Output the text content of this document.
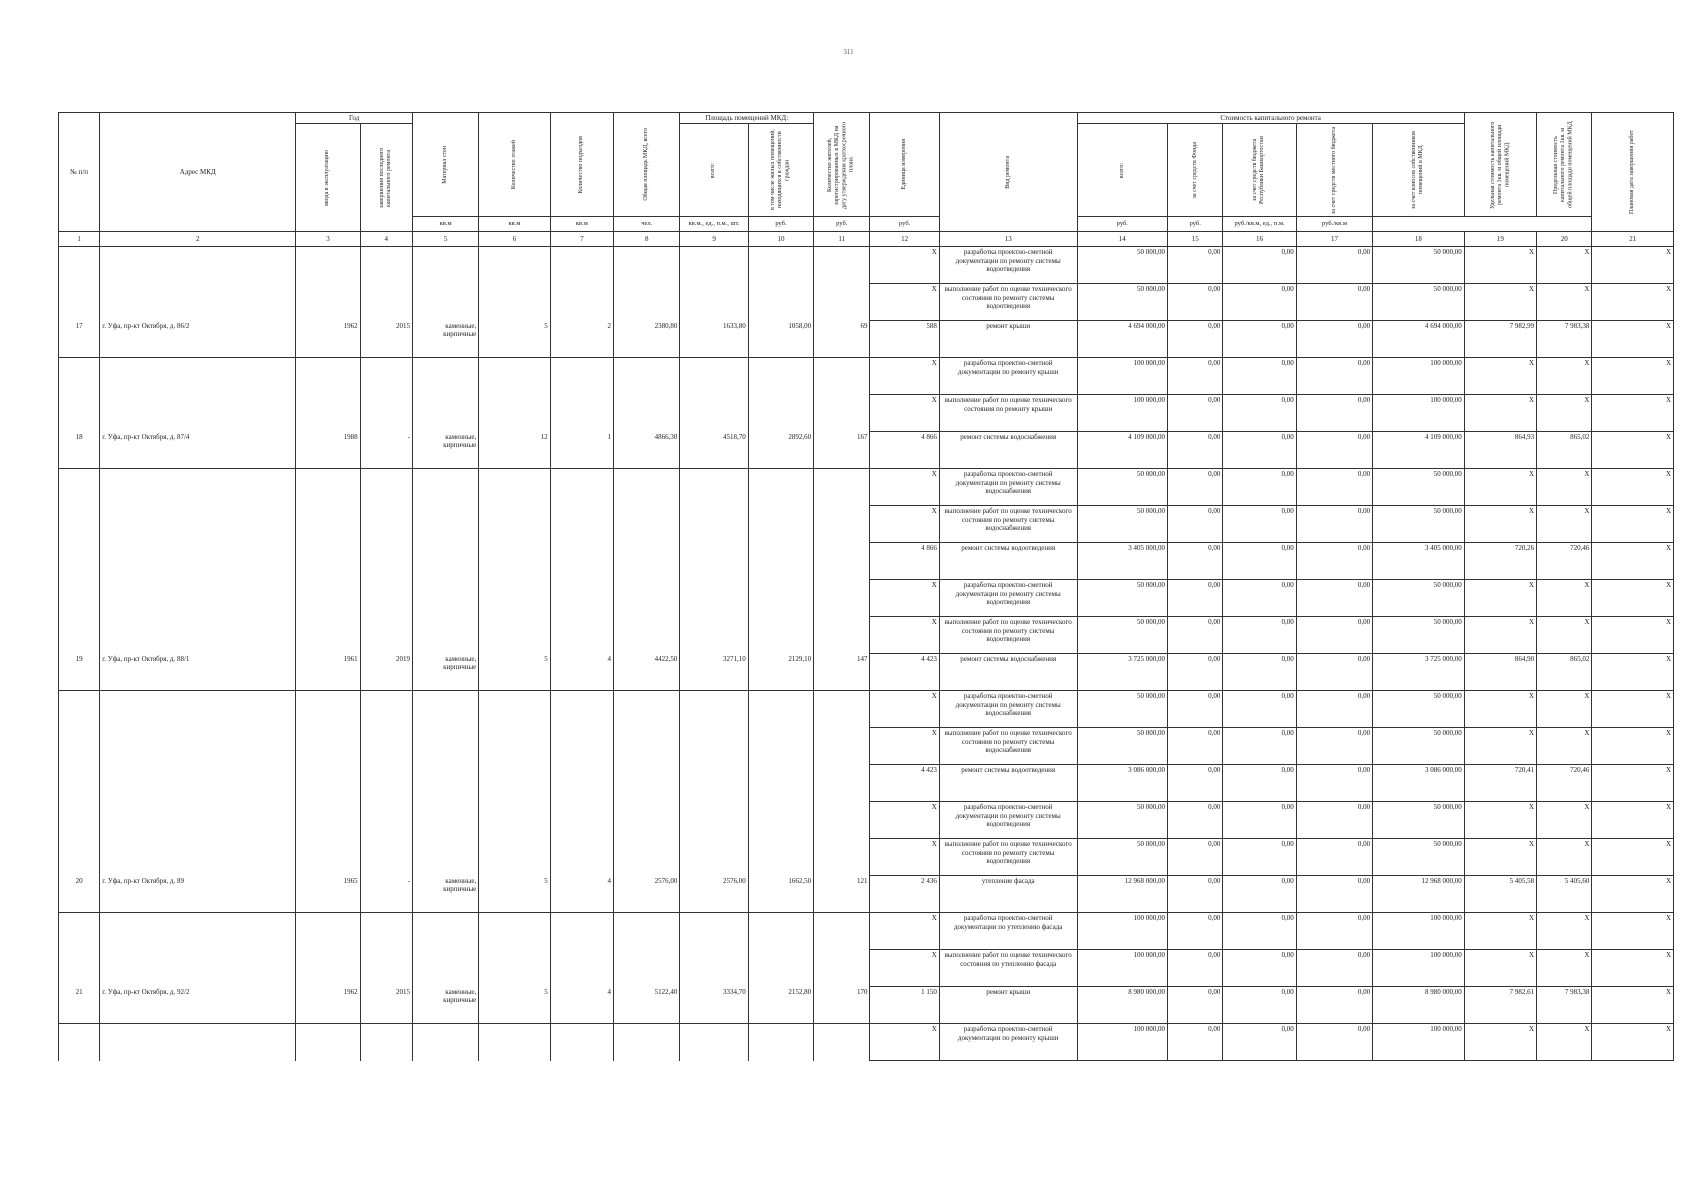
311
№ п/п	Адрес МКД	Год		Материал стен	Количество этажей	Количество подъездов	Общая площадь МКД, всего	Площадь помещений МКД:		Количество жителей, зарегистрированных в МКД на дату утверждения краткосрочного плана	Единица измерения	Вид ремонта	Стоимость капитального ремонта					Удельная стоимость капитального ремонта 1кв. м общей площади помещений МКД	Предельная стоимость капитального ремонта 1кв. м общей площади помещений МКД	Плановая дата завершения работ

		ввода в эксплуатацию	завершения последнего капитального ремонта					всего:	в том числе жилых помещений, находящихся в собственности граждан				всего:	за счет средств Фонда	за счет средств бюджета Республики Башкортостан	за счет средств местного бюджета	за счет взносов собственников помещений в МКД			

				кв.м	кв.м	кв.м	чел.	кв.м., ед., п.м., шт.	руб.	руб.	руб.		руб.	руб.	руб./кв.м, ед., п.м.	руб./кв.м				
1	2	3	4	5	6	7	8	9	10	11	12	13	14	15	16	17	18	19	20	21
											X	разработка проектно-сметной документации по ремонту системы водоотведения	50 000,00	0,00	0,00	0,00	50 000,00	X	X	X
											X	выполнение работ по оценке технического состояния по ремонту системы водоотведения	50 000,00	0,00	0,00	0,00	50 000,00	X	X	X
17	г. Уфа, пр-кт Октября, д. 86/2	1962	2015	каменные, кирпичные	5	2	2380,80	1633,80	1058,00	69	588	ремонт крыши	4 694 000,00	0,00	0,00	0,00	4 694 000,00	7 982,99	7 983,38	X
											X	разработка проектно-сметной документации по ремонту крыши	100 000,00	0,00	0,00	0,00	100 000,00	X	X	X
											X	выполнение работ по оценке технического состояния по ремонту крыши	100 000,00	0,00	0,00	0,00	100 000,00	X	X	X
18	г. Уфа, пр-кт Октября, д. 87/4	1988	-	каменные, кирпичные	12	1	4866,30	4518,70	2892,60	167	4 866	ремонт системы водоснабжения	4 109 000,00	0,00	0,00	0,00	4 109 000,00	864,93	865,02	X
											X	разработка проектно-сметной документации по ремонту системы водоснабжения	50 000,00	0,00	0,00	0,00	50 000,00	X	X	X
											X	выполнение работ по оценке технического состояния по ремонту системы водоснабжения	50 000,00	0,00	0,00	0,00	50 000,00	X	X	X
											4 866	ремонт системы водоотведения	3 405 000,00	0,00	0,00	0,00	3 405 000,00	720,26	720,46	X
											X	разработка проектно-сметной документации по ремонту системы водоотведения	50 000,00	0,00	0,00	0,00	50 000,00	X	X	X
											X	выполнение работ по оценке технического состояния по ремонту системы водоотведения	50 000,00	0,00	0,00	0,00	50 000,00	X	X	X
19	г. Уфа, пр-кт Октября, д. 88/1	1961	2019	каменные, кирпичные	5	4	4422,50	3271,10	2129,10	147	4 423	ремонт системы водоснабжения	3 725 000,00	0,00	0,00	0,00	3 725 000,00	864,90	865,02	X
											X	разработка проектно-сметной документации по ремонту системы водоснабжения	50 000,00	0,00	0,00	0,00	50 000,00	X	X	X
											X	выполнение работ по оценке технического состояния по ремонту системы водоснабжения	50 000,00	0,00	0,00	0,00	50 000,00	X	X	X
											4 423	ремонт системы водоотведения	3 086 000,00	0,00	0,00	0,00	3 086 000,00	720,41	720,46	X
											X	разработка проектно-сметной документации по ремонту системы водоотведения	50 000,00	0,00	0,00	0,00	50 000,00	X	X	X
											X	выполнение работ по оценке технического состояния по ремонту системы водоотведения	50 000,00	0,00	0,00	0,00	50 000,00	X	X	X
20	г. Уфа, пр-кт Октября, д. 89	1965	-	каменные, кирпичные	5	4	2576,00	2576,00	1662,50	121	2 436	утепление фасада	12 968 000,00	0,00	0,00	0,00	12 968 000,00	5 405,58	5 405,60	X
											X	разработка проектно-сметной документации по утеплению фасада	100 000,00	0,00	0,00	0,00	100 000,00	X	X	X
											X	выполнение работ по оценке технического состояния по утеплению фасада	100 000,00	0,00	0,00	0,00	100 000,00	X	X	X
21	г. Уфа, пр-кт Октября, д. 92/2	1962	2015	каменные, кирпичные	5	4	5122,40	3334,70	2152,80	170	1 150	ремонт крыши	8 980 000,00	0,00	0,00	0,00	8 980 000,00	7 982,61	7 983,38	X
											X	разработка проектно-сметной документации по ремонту крыши	100 000,00	0,00	0,00	0,00	100 000,00	X	X	X
